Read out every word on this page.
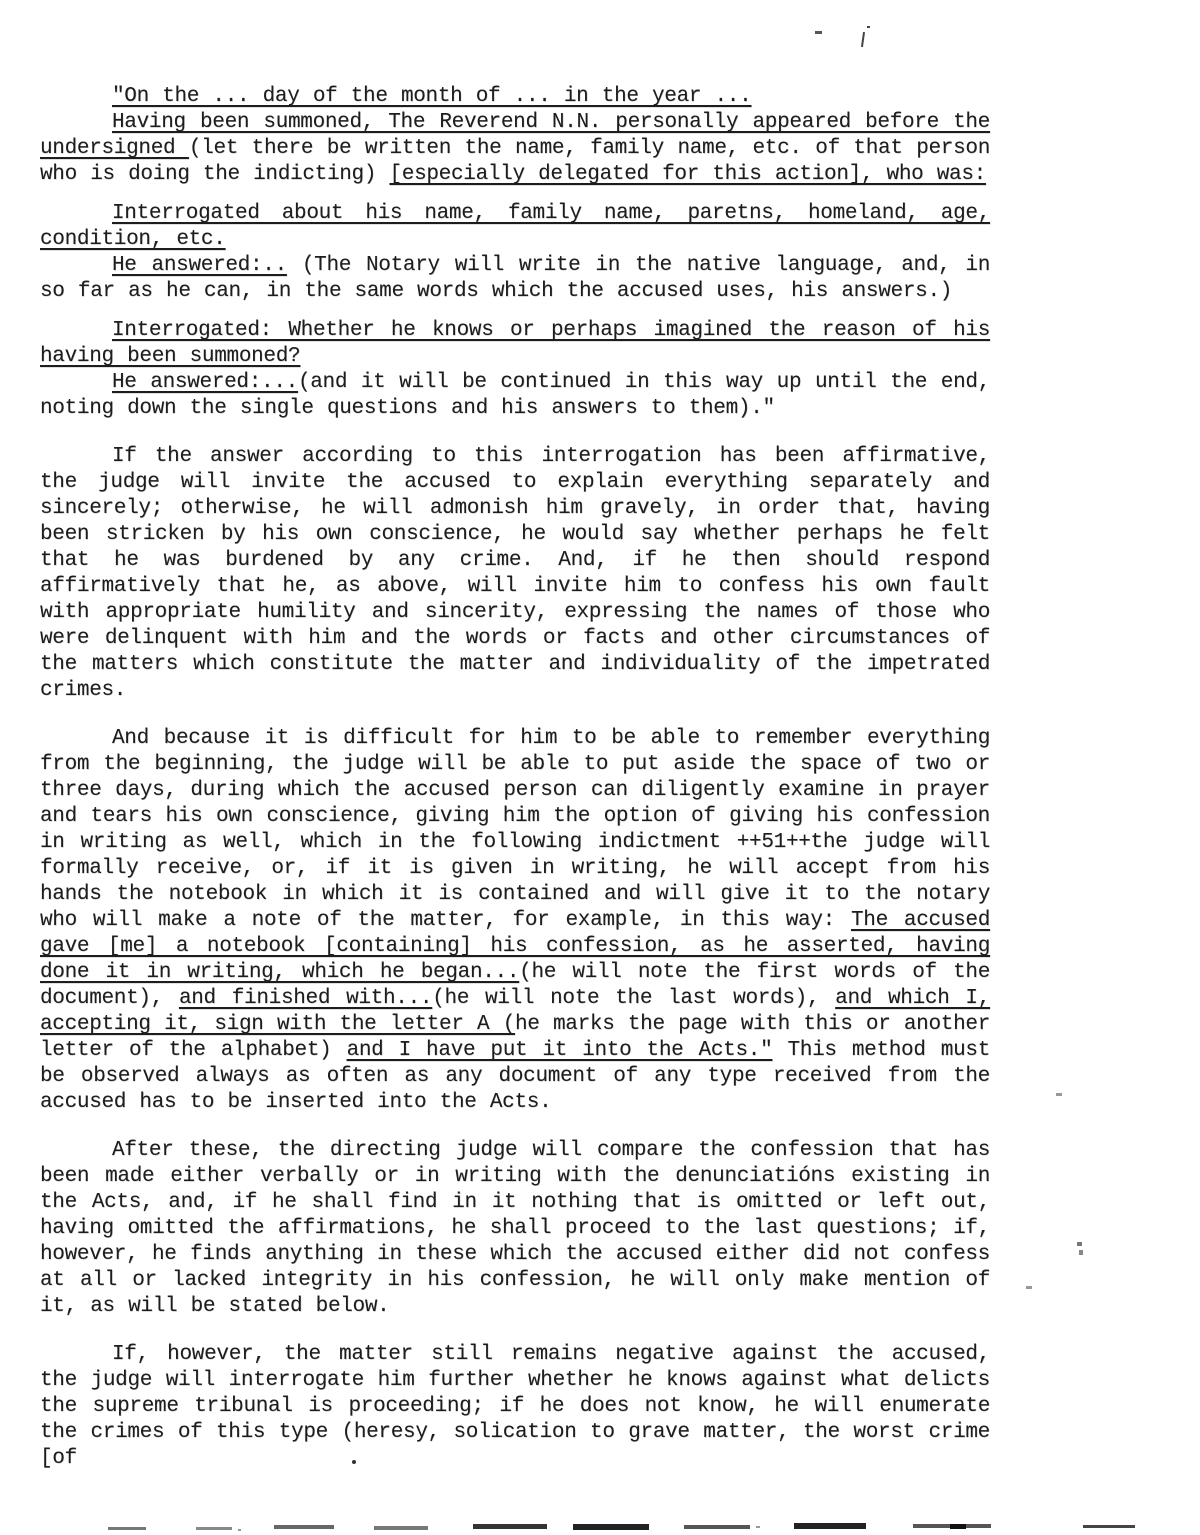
"On the ... day of the month of ... in the year ...

Having been summoned, The Reverend N.N. personally appeared before the undersigned (let there be written the name, family name, etc. of that person who is doing the indicting) [especially delegated for this action], who was:

Interrogated about his name, family name, paretns, homeland, age, condition, etc.

He answered:.. (The Notary will write in the native language, and, in so far as he can, in the same words which the accused uses, his answers.)

Interrogated: Whether he knows or perhaps imagined the reason of his having been summoned?

He answered:...(and it will be continued in this way up until the end, noting down the single questions and his answers to them)."

If the answer according to this interrogation has been affirmative, the judge will invite the accused to explain everything separately and sincerely; otherwise, he will admonish him gravely, in order that, having been stricken by his own conscience, he would say whether perhaps he felt that he was burdened by any crime. And, if he then should respond affirmatively that he, as above, will invite him to confess his own fault with appropriate humility and sincerity, expressing the names of those who were delinquent with him and the words or facts and other circumstances of the matters which constitute the matter and individuality of the impetrated crimes.

And because it is difficult for him to be able to remember everything from the beginning, the judge will be able to put aside the space of two or three days, during which the accused person can diligently examine in prayer and tears his own conscience, giving him the option of giving his confession in writing as well, which in the following indictment ++51++the judge will formally receive, or, if it is given in writing, he will accept from his hands the notebook in which it is contained and will give it to the notary who will make a note of the matter, for example, in this way: The accused gave [me] a notebook [containing] his confession, as he asserted, having done it in writing, which he began...(he will note the first words of the document), and finished with...(he will note the last words), and which I, accepting it, sign with the letter A (he marks the page with this or another letter of the alphabet) and I have put it into the Acts." This method must be observed always as often as any document of any type received from the accused has to be inserted into the Acts.

After these, the directing judge will compare the confession that has been made either verbally or in writing with the denunciatións existing in the Acts, and, if he shall find in it nothing that is omitted or left out, having omitted the affirmations, he shall proceed to the last questions; if, however, he finds anything in these which the accused either did not confess at all or lacked integrity in his confession, he will only make mention of it, as will be stated below.

If, however, the matter still remains negative against the accused, the judge will interrogate him further whether he knows against what delicts the supreme tribunal is proceeding; if he does not know, he will enumerate the crimes of this type (heresy, solication to grave matter, the worst crime [of
